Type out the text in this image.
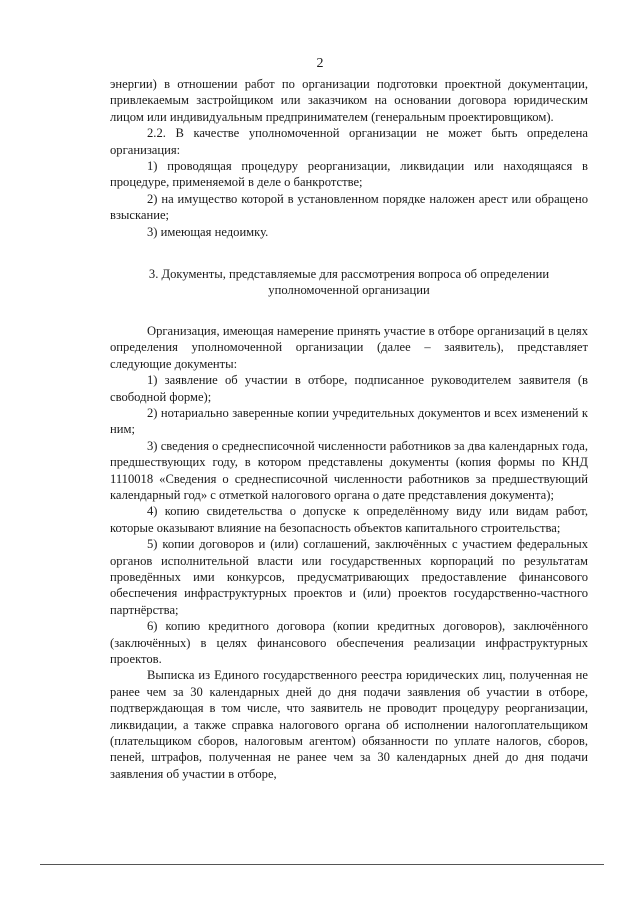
2

энергии) в отношении работ по организации подготовки проектной документации, привлекаемым застройщиком или заказчиком на основании договора юридическим лицом или индивидуальным предпринимателем (генеральным проектировщиком).

2.2. В качестве уполномоченной организации не может быть определена организация:

1) проводящая процедуру реорганизации, ликвидации или находящаяся в процедуре, применяемой в деле о банкротстве;

2) на имущество которой в установленном порядке наложен арест или обращено взыскание;

3) имеющая недоимку.

3. Документы, представляемые для рассмотрения вопроса об определении уполномоченной организации

Организация, имеющая намерение принять участие в отборе организаций в целях определения уполномоченной организации (далее – заявитель), представляет следующие документы:

1) заявление об участии в отборе, подписанное руководителем заявителя (в свободной форме);

2) нотариально заверенные копии учредительных документов и всех изменений к ним;

3) сведения о среднесписочной численности работников за два календарных года, предшествующих году, в котором представлены документы (копия формы по КНД 1110018 «Сведения о среднесписочной численности работников за предшествующий календарный год» с отметкой налогового органа о дате представления документа);

4) копию свидетельства о допуске к определённому виду или видам работ, которые оказывают влияние на безопасность объектов капитального строительства;

5) копии договоров и (или) соглашений, заключённых с участием федеральных органов исполнительной власти или государственных корпораций по результатам проведённых ими конкурсов, предусматривающих предоставление финансового обеспечения инфраструктурных проектов и (или) проектов государственно-частного партнёрства;

6) копию кредитного договора (копии кредитных договоров), заключённого (заключённых) в целях финансового обеспечения реализации инфраструктурных проектов.

Выписка из Единого государственного реестра юридических лиц, полученная не ранее чем за 30 календарных дней до дня подачи заявления об участии в отборе, подтверждающая в том числе, что заявитель не проводит процедуру реорганизации, ликвидации, а также справка налогового органа об исполнении налогоплательщиком (плательщиком сборов, налоговым агентом) обязанности по уплате налогов, сборов, пеней, штрафов, полученная не ранее чем за 30 календарных дней до дня подачи заявления об участии в отборе,
